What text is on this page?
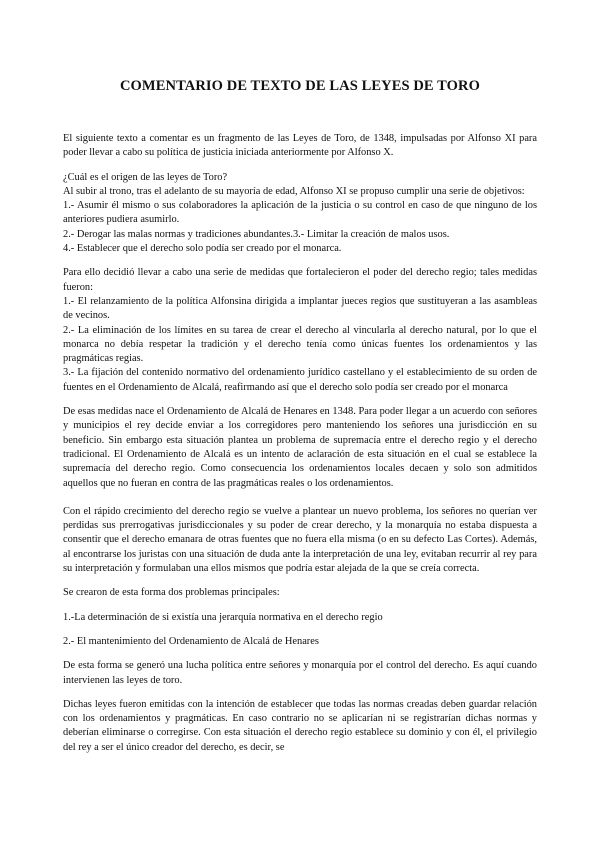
COMENTARIO DE TEXTO DE LAS LEYES DE TORO

El siguiente texto a comentar es un fragmento de las Leyes de Toro, de 1348, impulsadas por Alfonso XI para poder llevar a cabo su política de justicia iniciada anteriormente por Alfonso X.

¿Cuál es el origen de las leyes de Toro?

Al subir al trono, tras el adelanto de su mayoría de edad, Alfonso XI se propuso cumplir una serie de objetivos:

1.- Asumir él mismo o sus colaboradores la aplicación de la justicia o su control en caso de que ninguno de los anteriores pudiera asumirlo.

2.- Derogar las malas normas y tradiciones abundantes.3.- Limitar la creación de malos usos.

4.- Establecer que el derecho solo podía ser creado por el monarca.

Para ello decidió llevar a cabo una serie de medidas que fortalecieron el poder del derecho regio; tales medidas fueron:

1.- El relanzamiento de la política Alfonsina dirigida a implantar jueces regios que sustituyeran a las asambleas de vecinos.

2.- La eliminación de los límites en su tarea de crear el derecho al vincularla al derecho natural, por lo que el monarca no debía respetar la tradición y el derecho tenía como únicas fuentes los ordenamientos y las pragmáticas regias.

3.- La fijación del contenido normativo del ordenamiento jurídico castellano y el establecimiento de su orden de fuentes en el Ordenamiento de Alcalá, reafirmando así que el derecho solo podía ser creado por el monarca

De esas medidas nace el Ordenamiento de Alcalá de Henares en 1348. Para poder llegar a un acuerdo con señores y municipios el rey decide enviar a los corregidores pero manteniendo los señores una jurisdicción en su beneficio. Sin embargo esta situación plantea un problema de supremacía entre el derecho regio y el derecho tradicional. El Ordenamiento de Alcalá es un intento de aclaración de esta situación en el cual se establece la supremacía del derecho regio. Como consecuencia los ordenamientos locales decaen y solo son admitidos aquellos que no fueran en contra de las pragmáticas reales o los ordenamientos.

Con el rápido crecimiento del derecho regio se vuelve a plantear un nuevo problema, los señores no querían ver perdidas sus prerrogativas jurisdiccionales y su poder de crear derecho, y la monarquía no estaba dispuesta a consentir que el derecho emanara de otras fuentes que no fuera ella misma (o en su defecto Las Cortes). Además, al encontrarse los juristas con una situación de duda ante la interpretación de una ley, evitaban recurrir al rey para su interpretación y formulaban una ellos mismos que podría estar alejada de la que se creía correcta.

Se crearon de esta forma dos problemas principales:

1.-La determinación de si existía una jerarquía normativa en el derecho regio

2.- El mantenimiento del Ordenamiento de Alcalá de Henares

De esta forma se generó una lucha política entre señores y monarquía por el control del derecho. Es aquí cuando intervienen las leyes de toro.

Dichas leyes fueron emitidas con la intención de establecer que todas las normas creadas deben guardar relación con los ordenamientos y pragmáticas. En caso contrario no se aplicarían ni se registrarían dichas normas y deberían eliminarse o corregirse. Con esta situación el derecho regio establece su dominio y con él, el privilegio del rey a ser el único creador del derecho, es decir, se
